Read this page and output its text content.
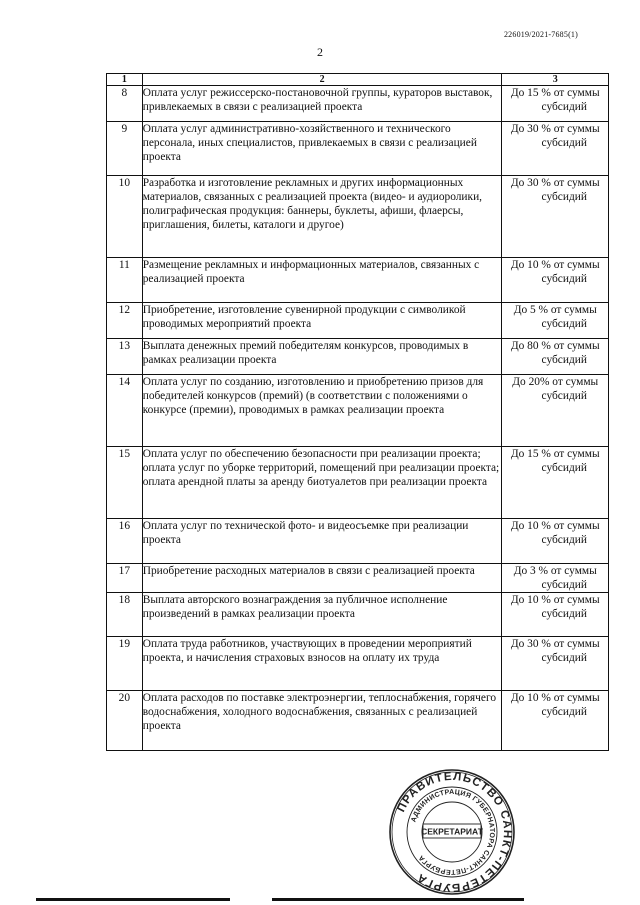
226019/2021-7685(1)
2
1	2	3
8	Оплата услуг режиссерско-постановочной группы, кураторов выставок, привлекаемых в связи с реализацией проекта	До 15 % от суммы
субсидий

9	Оплата услуг административно-хозяйственного и технического персонала, иных специалистов, привлекаемых в связи с реализацией проекта	До 30 % от суммы
субсидий

10	Разработка и изготовление рекламных и других информационных материалов, связанных с реализацией проекта (видео- и аудиоролики, полиграфическая продукция: баннеры, буклеты, афиши, флаерсы, приглашения, билеты, каталоги и другое)	До 30 % от суммы
субсидий

11	Размещение рекламных и информационных материалов, связанных с реализацией проекта	До 10 % от суммы
субсидий

12	Приобретение, изготовление сувенирной продукции с символикой проводимых мероприятий проекта	До 5 % от суммы
субсидий

13	Выплата денежных премий победителям конкурсов, проводимых в рамках реализации проекта	До 80 % от суммы
субсидий

14	Оплата услуг по созданию, изготовлению и приобретению призов для победителей конкурсов (премий) (в соответствии с положениями о конкурсе (премии), проводимых в рамках реализации проекта	До 20% от суммы
субсидий

15	Оплата услуг по обеспечению безопасности при реализации проекта; оплата услуг по уборке территорий, помещений при реализации проекта; оплата арендной платы за аренду биотуалетов при реализации проекта	До 15 % от суммы
субсидий

16	Оплата услуг по технической фото- и видеосъемке при реализации проекта	До 10 % от суммы
субсидий

17	Приобретение расходных материалов в связи с реализацией проекта	До 3 % от суммы
субсидий

18	Выплата авторского вознаграждения за публичное исполнение произведений в рамках реализации проекта	До 10 % от суммы
субсидий

19	Оплата труда работников, участвующих в проведении мероприятий проекта, и начисления страховых взносов на оплату их труда	До 30 % от суммы
субсидий

20	Оплата расходов по поставке электроэнергии, теплоснабжения, горячего водоснабжения, холодного водоснабжения, связанных с реализацией проекта	До 10 % от суммы
субсидий
ПРАВИТЕЛЬСТВО САНКТ-ПЕТЕРБУРГА
АДМИНИСТРАЦИЯ ГУБЕРНАТОРА САНКТ-ПЕТЕРБУРГА
СЕКРЕТАРИАТ
